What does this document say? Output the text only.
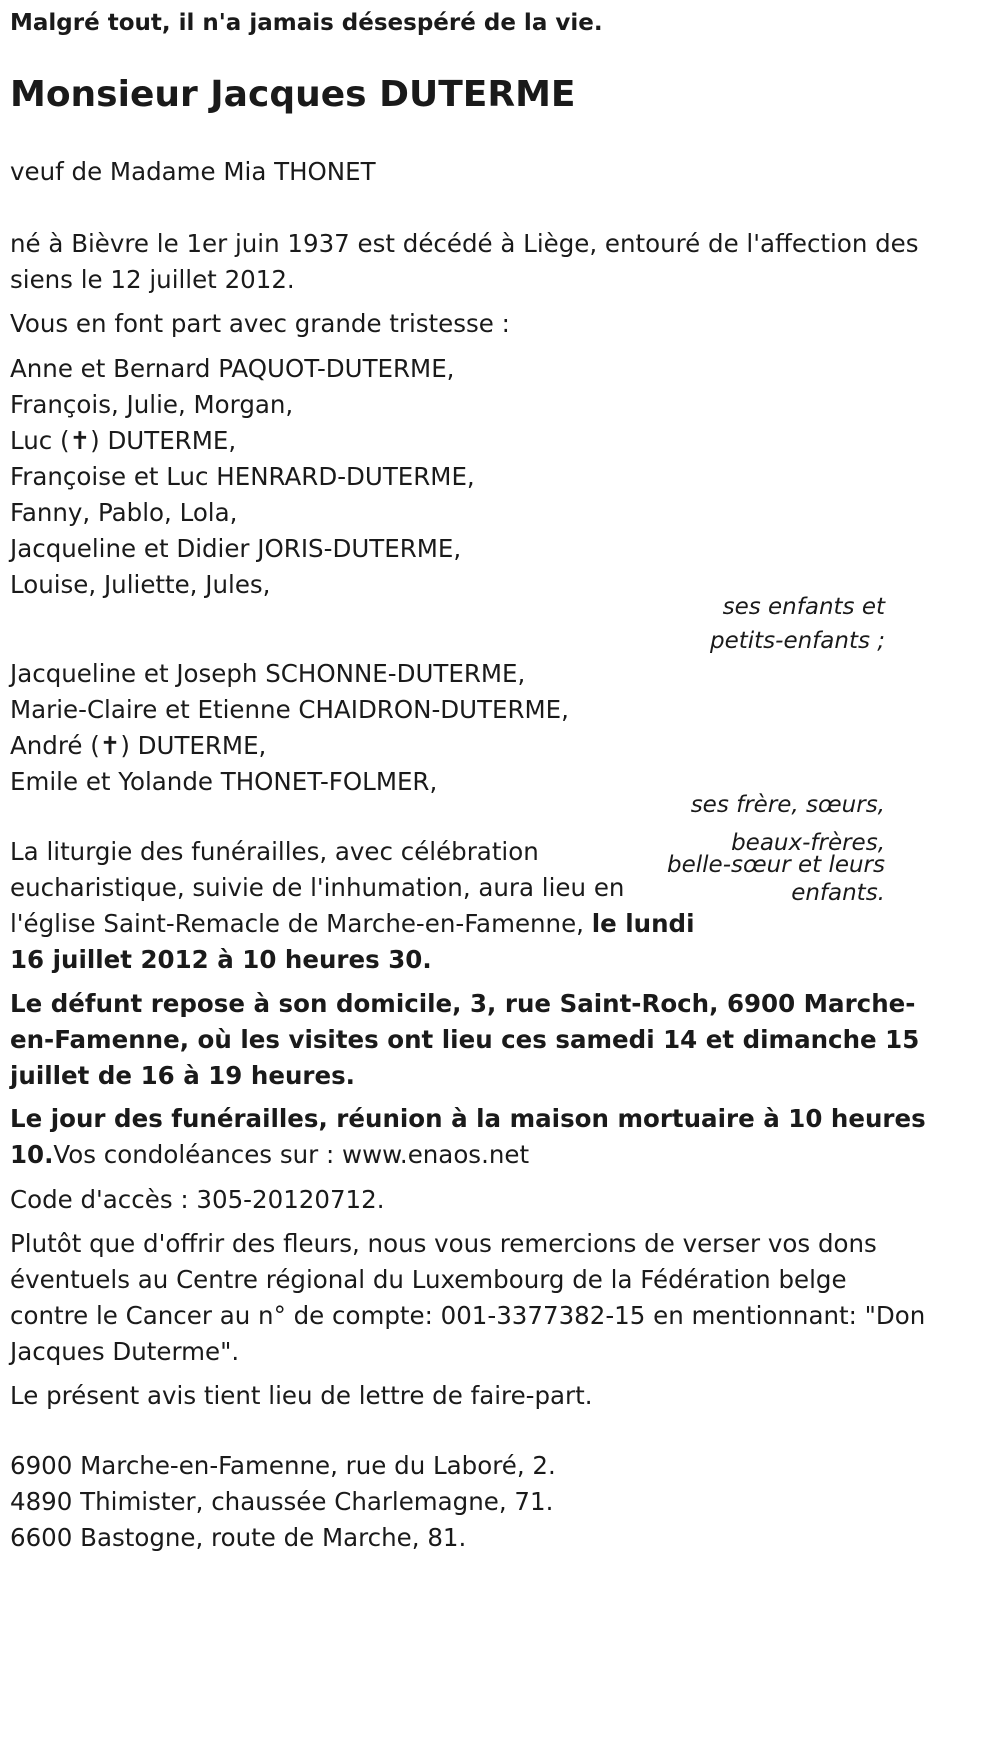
Malgré tout, il n'a jamais désespéré de la vie.
Monsieur Jacques DUTERME
veuf de Madame Mia THONET
né à Bièvre le 1er juin 1937 est décédé à Liège, entouré de l'affection des
siens le 12 juillet 2012.
Vous en font part avec grande tristesse :
Anne et Bernard PAQUOT-DUTERME,
François, Julie, Morgan,
Luc (✝) DUTERME,
Françoise et Luc HENRARD-DUTERME,
Fanny, Pablo, Lola,
Jacqueline et Didier JORIS-DUTERME,
Louise, Juliette, Jules,
ses enfants et
petits-enfants ;
Jacqueline et Joseph SCHONNE-DUTERME,
Marie-Claire et Etienne CHAIDRON-DUTERME,
André (✝) DUTERME,
Emile et Yolande THONET-FOLMER,
ses frère, sœurs,
beaux-frères,
belle-sœur et leurs
enfants.
La liturgie des funérailles, avec célébration
eucharistique, suivie de l'inhumation, aura lieu en
l'église Saint-Remacle de Marche-en-Famenne, le lundi
16 juillet 2012 à 10 heures 30.
Le défunt repose à son domicile, 3, rue Saint-Roch, 6900 Marche-
en-Famenne, où les visites ont lieu ces samedi 14 et dimanche 15
juillet de 16 à 19 heures.
Le jour des funérailles, réunion à la maison mortuaire à 10 heures
10.Vos condoléances sur : www.enaos.net
Code d'accès : 305-20120712.
Plutôt que d'offrir des fleurs, nous vous remercions de verser vos dons
éventuels au Centre régional du Luxembourg de la Fédération belge
contre le Cancer au n° de compte: 001-3377382-15 en mentionnant: "Don
Jacques Duterme".
Le présent avis tient lieu de lettre de faire-part.
6900 Marche-en-Famenne, rue du Laboré, 2.
4890 Thimister, chaussée Charlemagne, 71.
6600 Bastogne, route de Marche, 81.
